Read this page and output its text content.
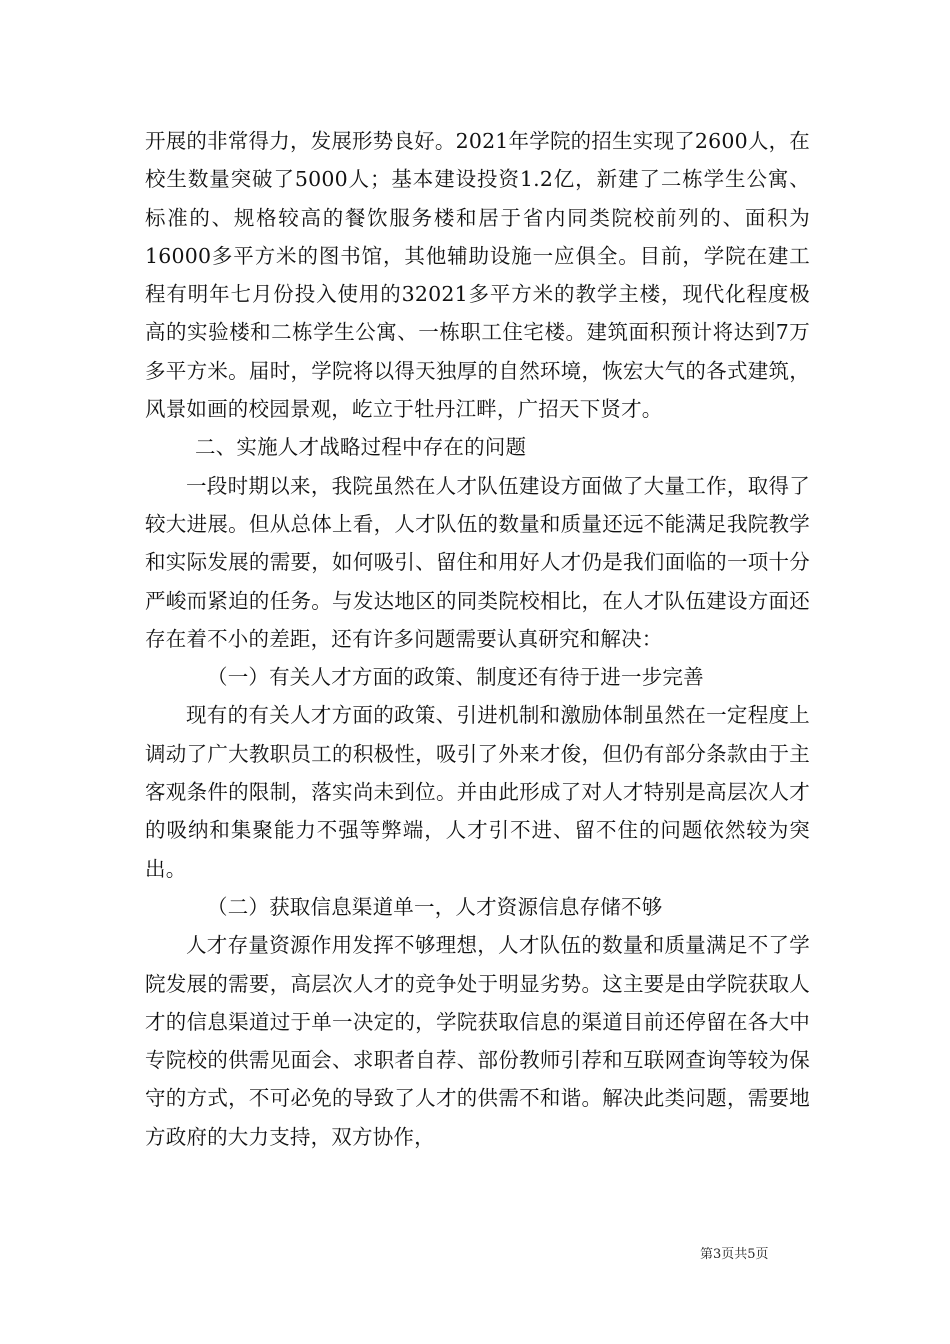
开展的非常得力，发展形势良好。2021年学院的招生实现了2600人，在校生数量突破了5000人；基本建设投资1.2亿，新建了二栋学生公寓、标准的、规格较高的餐饮服务楼和居于省内同类院校前列的、面积为16000多平方米的图书馆，其他辅助设施一应俱全。目前，学院在建工程有明年七月份投入使用的32021多平方米的教学主楼，现代化程度极高的实验楼和二栋学生公寓、一栋职工住宅楼。建筑面积预计将达到7万多平方米。届时，学院将以得天独厚的自然环境，恢宏大气的各式建筑，风景如画的校园景观，屹立于牡丹江畔，广招天下贤才。

二、实施人才战略过程中存在的问题

一段时期以来，我院虽然在人才队伍建设方面做了大量工作，取得了较大进展。但从总体上看，人才队伍的数量和质量还远不能满足我院教学和实际发展的需要，如何吸引、留住和用好人才仍是我们面临的一项十分严峻而紧迫的任务。与发达地区的同类院校相比，在人才队伍建设方面还存在着不小的差距，还有许多问题需要认真研究和解决：

（一）有关人才方面的政策、制度还有待于进一步完善

现有的有关人才方面的政策、引进机制和激励体制虽然在一定程度上调动了广大教职员工的积极性，吸引了外来才俊，但仍有部分条款由于主客观条件的限制，落实尚未到位。并由此形成了对人才特别是高层次人才的吸纳和集聚能力不强等弊端，人才引不进、留不住的问题依然较为突出。

（二）获取信息渠道单一，人才资源信息存储不够

人才存量资源作用发挥不够理想，人才队伍的数量和质量满足不了学院发展的需要，高层次人才的竞争处于明显劣势。这主要是由学院获取人才的信息渠道过于单一决定的，学院获取信息的渠道目前还停留在各大中专院校的供需见面会、求职者自荐、部份教师引荐和互联网查询等较为保守的方式，不可必免的导致了人才的供需不和谐。解决此类问题，需要地方政府的大力支持，双方协作，

第3页共5页
